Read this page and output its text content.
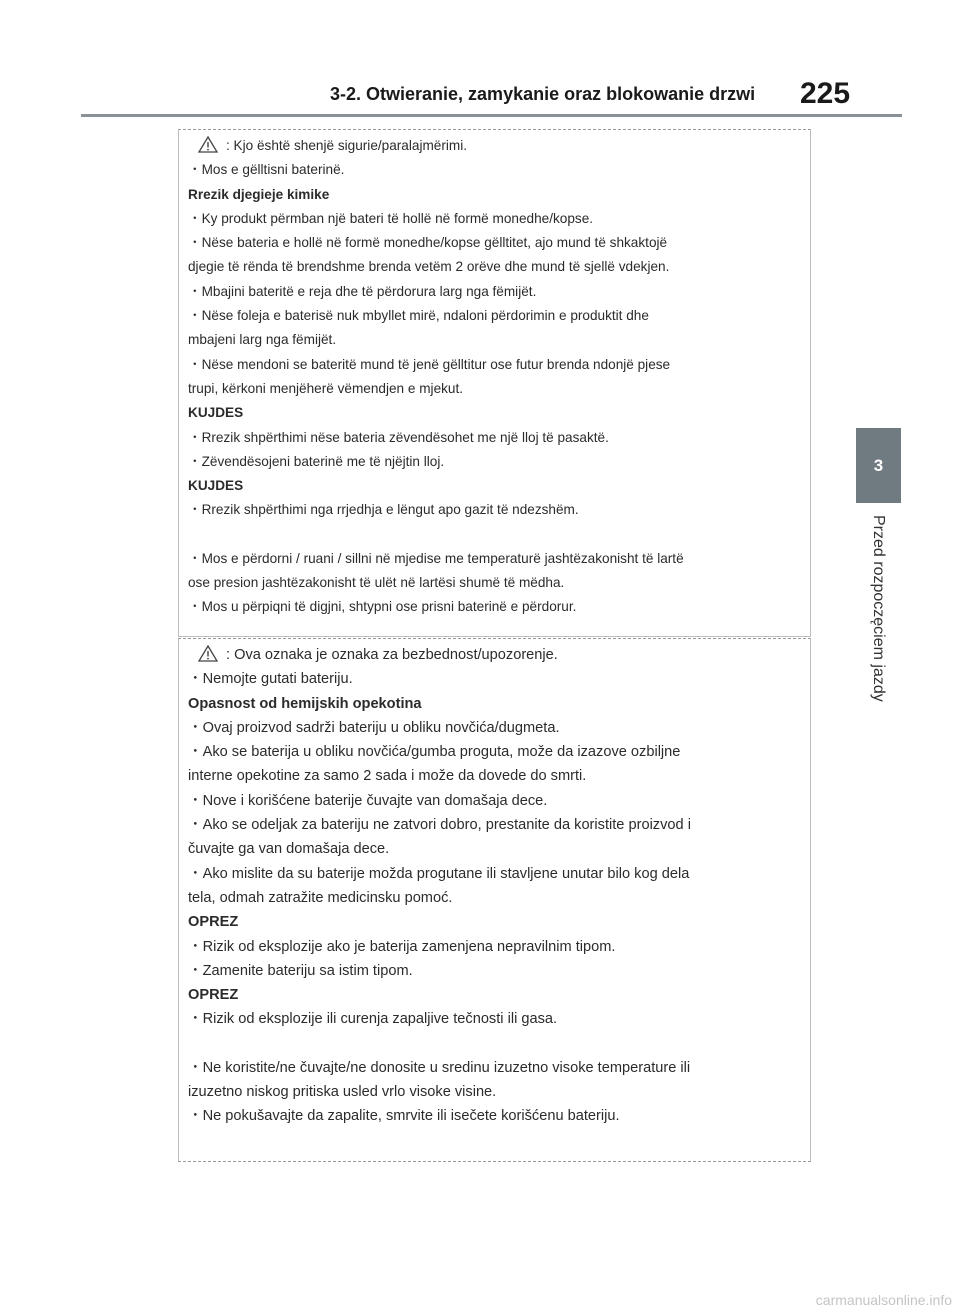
3-2. Otwieranie, zamykanie oraz blokowanie drzwi 225
3
Przed rozpoczęciem jazdy
: Kjo është shenjë sigurie/paralajmërimi.
・Mos e gëlltisni baterinë.
Rrezik djegieje kimike
・Ky produkt përmban një bateri të hollë në formë monedhe/kopse.
・Nëse bateria e hollë në formë monedhe/kopse gëlltitet, ajo mund të shkaktojë
djegie të rënda të brendshme brenda vetëm 2 orëve dhe mund të sjellë vdekjen.
・Mbajini bateritë e reja dhe të përdorura larg nga fëmijët.
・Nëse foleja e baterisë nuk mbyllet mirë, ndaloni përdorimin e produktit dhe
mbajeni larg nga fëmijët.
・Nëse mendoni se bateritë mund të jenë gëlltitur ose futur brenda ndonjë pjese
trupi, kërkoni menjëherë vëmendjen e mjekut.
KUJDES
・Rrezik shpërthimi nëse bateria zëvendësohet me një lloj të pasaktë.
・Zëvendësojeni baterinë me të njëjtin lloj.
KUJDES
・Rrezik shpërthimi nga rrjedhja e lëngut apo gazit të ndezshëm.
・Mos e përdorni / ruani / sillni në mjedise me temperaturë jashtëzakonisht të lartë
ose presion jashtëzakonisht të ulët në lartësi shumë të mëdha.
・Mos u përpiqni të digjni, shtypni ose prisni baterinë e përdorur.
: Ova oznaka je oznaka za bezbednost/upozorenje.
・Nemojte gutati bateriju.
Opasnost od hemijskih opekotina
・Ovaj proizvod sadrži bateriju u obliku novčića/dugmeta.
・Ako se baterija u obliku novčića/gumba proguta, može da izazove ozbiljne
interne opekotine za samo 2 sada i može da dovede do smrti.
・Nove i korišćene baterije čuvajte van domašaja dece.
・Ako se odeljak za bateriju ne zatvori dobro, prestanite da koristite proizvod i
čuvajte ga van domašaja dece.
・Ako mislite da su baterije možda progutane ili stavljene unutar bilo kog dela
tela, odmah zatražite medicinsku pomoć.
OPREZ
・Rizik od eksplozije ako je baterija zamenjena nepravilnim tipom.
・Zamenite bateriju sa istim tipom.
OPREZ
・Rizik od eksplozije ili curenja zapaljive tečnosti ili gasa.
・Ne koristite/ne čuvajte/ne donosite u sredinu izuzetno visoke temperature ili
izuzetno niskog pritiska usled vrlo visoke visine.
・Ne pokušavajte da zapalite, smrvite ili isečete korišćenu bateriju.
carmanualsonline.info
